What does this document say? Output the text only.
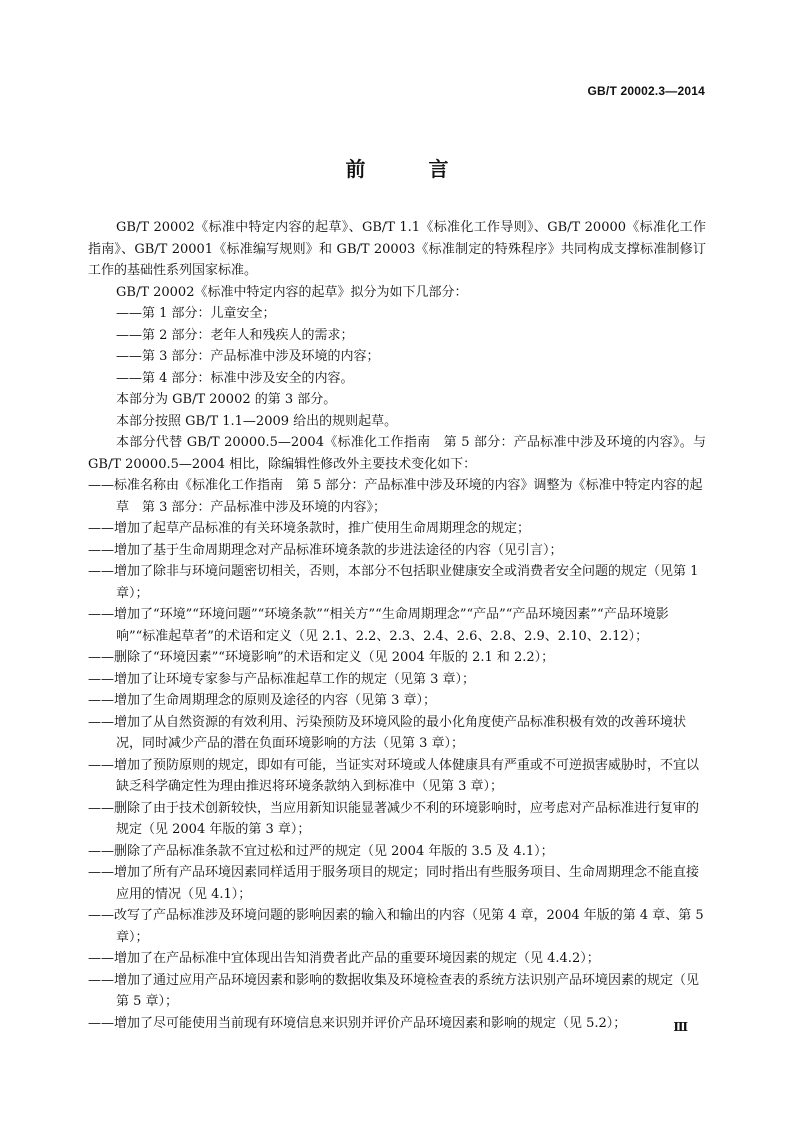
GB/T 20002.3—2014
前 言

GB/T 20002《标准中特定内容的起草》、GB/T 1.1《标准化工作导则》、GB/T 20000《标准化工作指南》、GB/T 20001《标准编写规则》和 GB/T 20003《标准制定的特殊程序》共同构成支撑标准制修订工作的基础性系列国家标准。

GB/T 20002《标准中特定内容的起草》拟分为如下几部分：

——第 1 部分：儿童安全；

——第 2 部分：老年人和残疾人的需求；

——第 3 部分：产品标准中涉及环境的内容；

——第 4 部分：标准中涉及安全的内容。

本部分为 GB/T 20002 的第 3 部分。

本部分按照 GB/T 1.1—2009 给出的规则起草。

本部分代替 GB/T 20000.5—2004《标准化工作指南　第 5 部分：产品标准中涉及环境的内容》。与 GB/T 20000.5—2004 相比，除编辑性修改外主要技术变化如下：

——标准名称由《标准化工作指南　第 5 部分：产品标准中涉及环境的内容》调整为《标准中特定内容的起草　第 3 部分：产品标准中涉及环境的内容》；

——增加了起草产品标准的有关环境条款时，推广使用生命周期理念的规定；

——增加了基于生命周期理念对产品标准环境条款的步进法途径的内容（见引言）；

——增加了除非与环境问题密切相关，否则，本部分不包括职业健康安全或消费者安全问题的规定（见第 1 章）；

——增加了“环境”“环境问题”“环境条款”“相关方”“生命周期理念”“产品”“产品环境因素”“产品环境影响”“标准起草者”的术语和定义（见 2.1、2.2、2.3、2.4、2.6、2.8、2.9、2.10、2.12）；

——删除了“环境因素”“环境影响”的术语和定义（见 2004 年版的 2.1 和 2.2）；

——增加了让环境专家参与产品标准起草工作的规定（见第 3 章）；

——增加了生命周期理念的原则及途径的内容（见第 3 章）；

——增加了从自然资源的有效利用、污染预防及环境风险的最小化角度使产品标准积极有效的改善环境状况，同时减少产品的潜在负面环境影响的方法（见第 3 章）；

——增加了预防原则的规定，即如有可能，当证实对环境或人体健康具有严重或不可逆损害威胁时，不宜以缺乏科学确定性为理由推迟将环境条款纳入到标准中（见第 3 章）；

——删除了由于技术创新较快，当应用新知识能显著减少不利的环境影响时，应考虑对产品标准进行复审的规定（见 2004 年版的第 3 章）；

——删除了产品标准条款不宜过松和过严的规定（见 2004 年版的 3.5 及 4.1）；

——增加了所有产品环境因素同样适用于服务项目的规定；同时指出有些服务项目、生命周期理念不能直接应用的情况（见 4.1）；

——改写了产品标准涉及环境问题的影响因素的输入和输出的内容（见第 4 章，2004 年版的第 4 章、第 5 章）；

——增加了在产品标准中宜体现出告知消费者此产品的重要环境因素的规定（见 4.4.2）；

——增加了通过应用产品环境因素和影响的数据收集及环境检查表的系统方法识别产品环境因素的规定（见第 5 章）；

——增加了尽可能使用当前现有环境信息来识别并评价产品环境因素和影响的规定（见 5.2）；	Ⅲ
